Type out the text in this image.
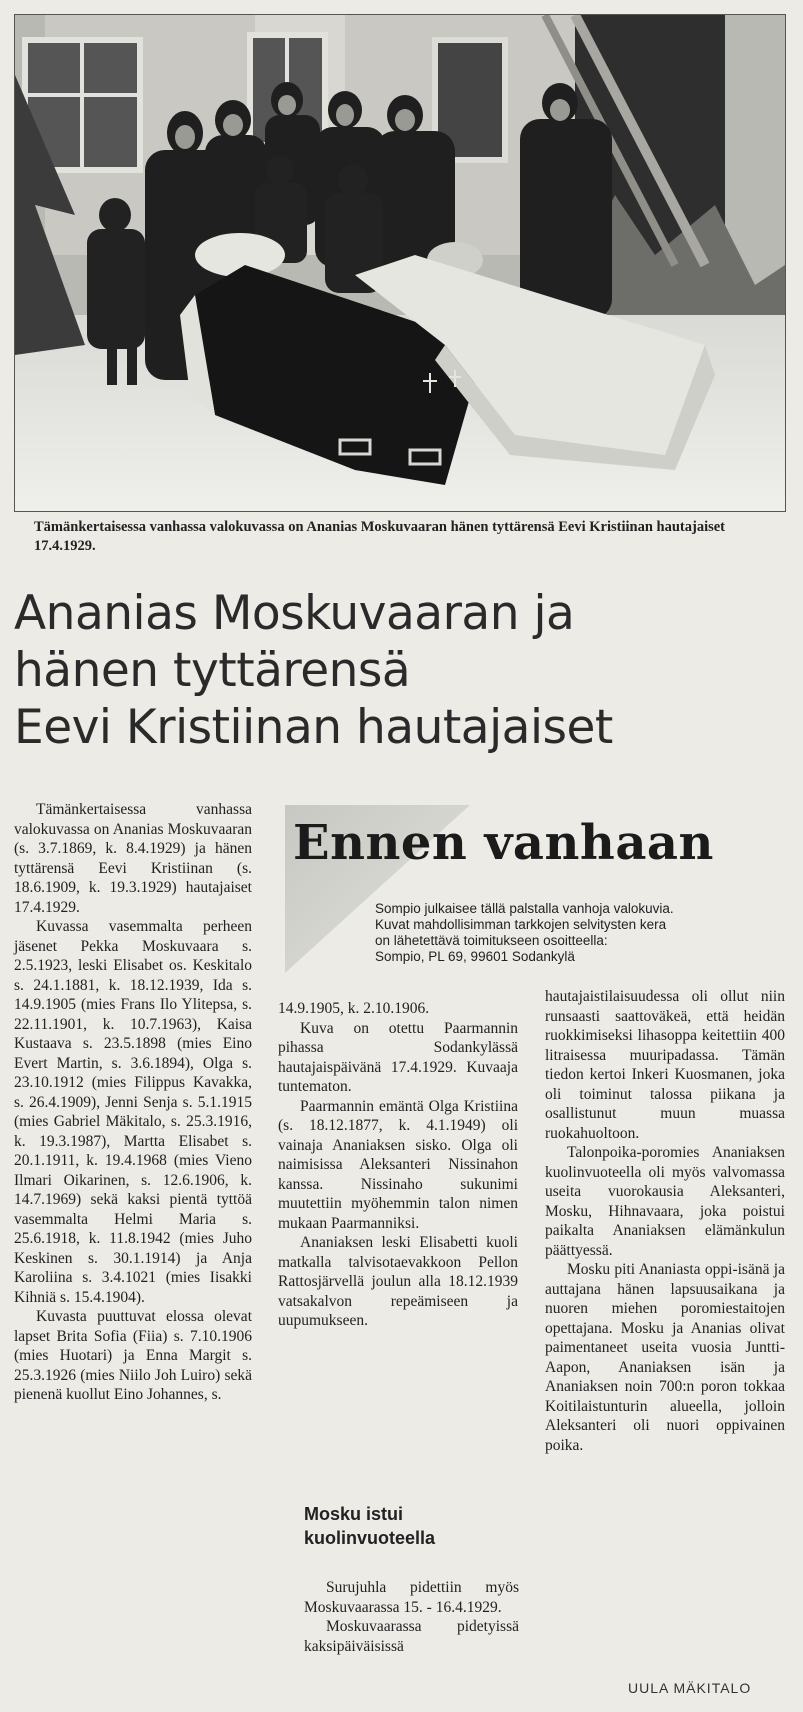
Tämänkertaisessa vanhassa valokuvassa on Ananias Moskuvaaran hänen tyttärensä Eevi Kristiinan hautajaiset 17.4.1929.
Ananias Moskuvaaran ja
hänen tyttärensä
Eevi Kristiinan hautajaiset
Ennen vanhaan
Sompio julkaisee tällä palstalla vanhoja valokuvia.
Kuvat mahdollisimman tarkkojen selvitysten kera
on lähetettävä toimitukseen osoitteella:
Sompio, PL 69, 99601 Sodankylä

Tämänkertaisessa vanhassa valokuvassa on Ananias Moskuvaaran (s. 3.7.1869, k. 8.4.1929) ja hänen tyttärensä Eevi Kristiinan (s. 18.6.1909, k. 19.3.1929) hautajaiset 17.4.1929.

Kuvassa vasemmalta perheen jäsenet Pekka Moskuvaara s. 2.5.1923, leski Elisabet os. Keskitalo s. 24.1.1881, k. 18.12.1939, Ida s. 14.9.1905 (mies Frans Ilo Ylitepsa, s. 22.11.1901, k. 10.7.1963), Kaisa Kustaava s. 23.5.1898 (mies Eino Evert Martin, s. 3.6.1894), Olga s. 23.10.1912 (mies Filippus Kavakka, s. 26.4.1909), Jenni Senja s. 5.1.1915 (mies Gabriel Mäkitalo, s. 25.3.1916, k. 19.3.1987), Martta Elisabet s. 20.1.1911, k. 19.4.1968 (mies Vieno Ilmari Oikarinen, s. 12.6.1906, k. 14.7.1969) sekä kaksi pientä tyttöä vasemmalta Helmi Maria s. 25.6.1918, k. 11.8.1942 (mies Juho Keskinen s. 30.1.1914) ja Anja Karoliina s. 3.4.1021 (mies Iisakki Kihniä s. 15.4.1904).

Kuvasta puuttuvat elossa olevat lapset Brita Sofia (Fiia) s. 7.10.1906 (mies Huotari) ja Enna Margit s. 25.3.1926 (mies Niilo Joh Luiro) sekä pienenä kuollut Eino Johannes, s.

14.9.1905, k. 2.10.1906.

Kuva on otettu Paarmannin pihassa Sodankylässä hautajaispäivänä 17.4.1929. Kuvaaja tuntematon.

Paarmannin emäntä Olga Kristiina (s. 18.12.1877, k. 4.1.1949) oli vainaja Ananiaksen sisko. Olga oli naimisissa Aleksanteri Nissinahon kanssa. Nissinaho sukunimi muutettiin myöhemmin talon nimen mukaan Paarmanniksi.

Ananiaksen leski Elisabetti kuoli matkalla talvisotaevakkoon Pellon Rattosjärvellä joulun alla 18.12.1939 vatsakalvon repeämiseen ja uupumukseen.

Mosku istui kuolinvuoteella

Surujuhla pidettiin myös Moskuvaarassa 15. - 16.4.1929.

Moskuvaarassa pidetyissä kaksipäiväisissä

hautajaistilaisuudessa oli ollut niin runsaasti saattoväkeä, että heidän ruokkimiseksi lihasoppa keitettiin 400 litraisessa muuripadassa. Tämän tiedon kertoi Inkeri Kuosmanen, joka oli toiminut talossa piikana ja osallistunut muun muassa ruokahuoltoon.

Talonpoika-poromies Ananiaksen kuolinvuoteella oli myös valvomassa useita vuorokausia Aleksanteri, Mosku, Hihnavaara, joka poistui paikalta Ananiaksen elämänkulun päättyessä.

Mosku piti Ananiasta oppi-isänä ja auttajana hänen lapsuusaikana ja nuoren miehen poromiestaitojen opettajana. Mosku ja Ananias olivat paimentaneet useita vuosia Juntti-Aapon, Ananiaksen isän ja Ananiaksen noin 700:n poron tokkaa Koitilaistunturin alueella, jolloin Aleksanteri oli nuori oppivainen poika.

UULA MÄKITALO
